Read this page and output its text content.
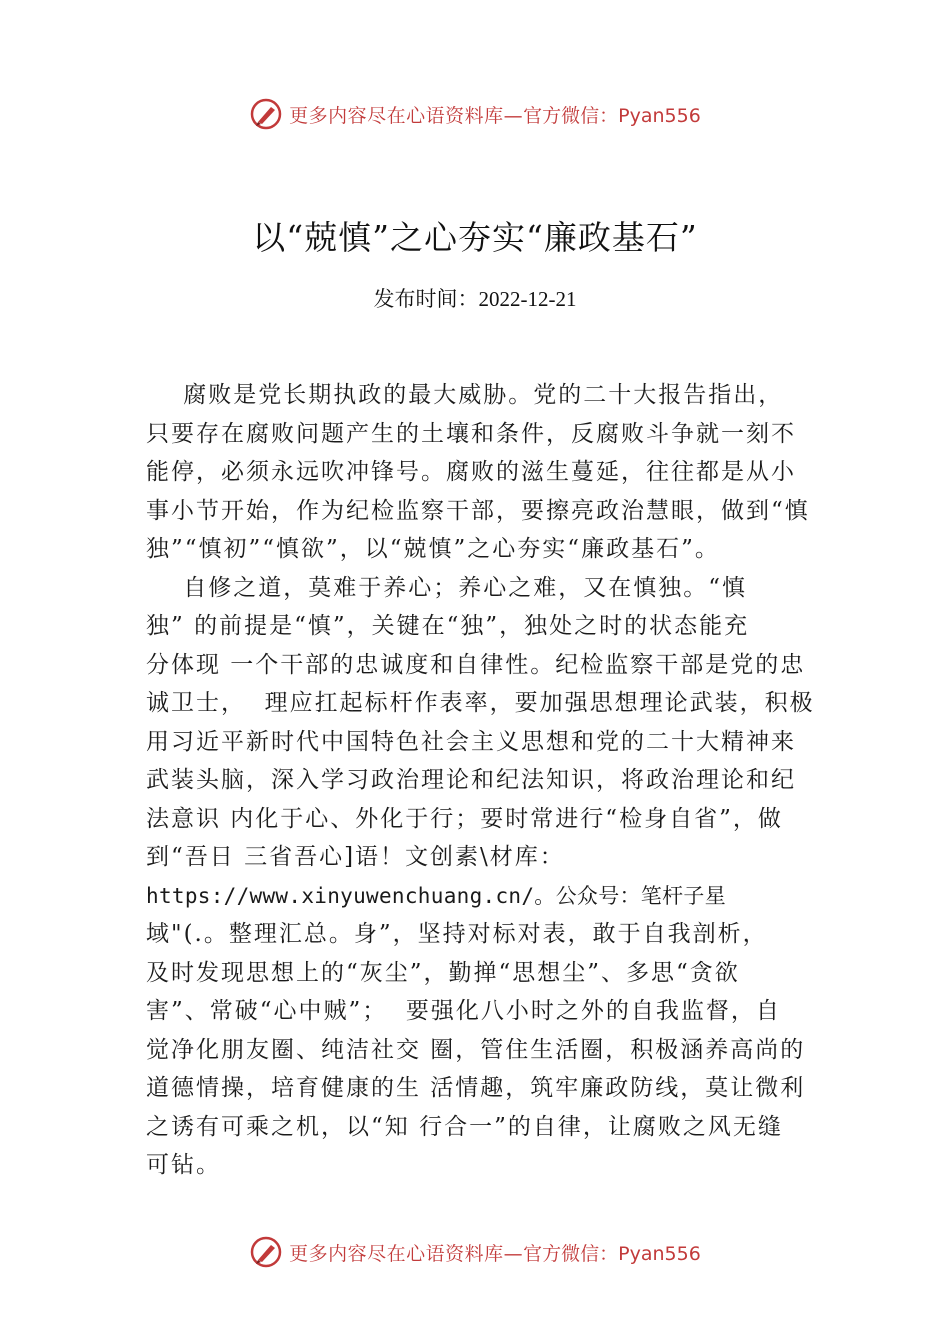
更多内容尽在心语资料库— 官方微信：Pyan556
以“兢慎”之心夯实“廉政基石”
发布时间：2022-12-21
腐败是党长期执政的最大威胁。党的二十大报告指出，
只要存在腐败问题产生的土壤和条件，反腐败斗争就一刻不
能停，必须永远吹冲锋号。腐败的滋生蔓延，往往都是从小
事小节开始，作为纪检监察干部，要擦亮政治慧眼，做到“慎
独”“慎初”“慎欲”，以“兢慎”之心夯实“廉政基石”。
自修之道，莫难于养心；养心之难，又在慎独。“慎
独” 的前提是“慎”，关键在“独”，独处之时的状态能充
分体现 一个干部的忠诚度和自律性。纪检监察干部是党的忠
诚卫士，  理应扛起标杆作表率，要加强思想理论武装，积极
用习近平新时代中国特色社会主义思想和党的二十大精神来
武装头脑，深入学习政治理论和纪法知识，将政治理论和纪
法意识 内化于心、外化于行；要时常进行“检身自省”，做
到“吾日 三省吾心]语！文创素\材库：
https://www.xinyuwenchuang.cn/。公众号：笔杆子星
域"(.。整理汇总。身”，坚持对标对表，敢于自我剖析，
及时发现思想上的“灰尘”，勤掸“思想尘”、多思“贪欲
害”、常破“心中贼”；  要强化八小时之外的自我监督，自
觉净化朋友圈、纯洁社交 圈，管住生活圈，积极涵养高尚的
道德情操，培育健康的生 活情趣，筑牢廉政防线，莫让微利
之诱有可乘之机，以“知 行合一”的自律，让腐败之风无缝
可钻。
更多内容尽在心语资料库— 官方微信：Pyan556
